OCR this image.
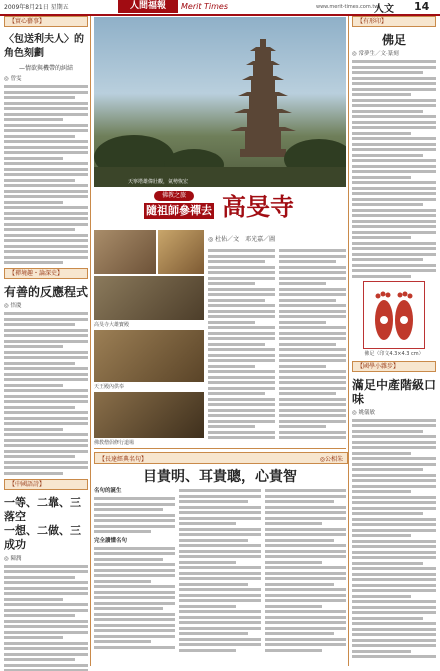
2009年8月21日 星期五	人間福報	Merit Times	www.merit-times.com.tw
人文 14
【實心藝事】
〈包送利夫人〉的角色刻劃
—情欲與機帶的糾結
◎ 曾雯
【禪境趣・論深史】
有善的反應程式
◎ 悟慶
【中國語詩】
一等、二靠、三落空
一想、二做、三成功
◎ 陳潤
天寧塔雄偉壯觀，氣勢恢宏
佛教之旅
隨祖師參禪去 高旻寺
高旻寺大雄寶殿
天王殿內供奉
佛教僧侶修行道場
◎ 杜佑／文　邓光嘉／圖
【長達經典名句】	◎公相朱
目貴明、耳貴聰，心貴智
名句的誕生
完全讀懂名句
【有形印】
佛足
◎ 常夢生／文‧篆刻
佛足（印文4.3×4.3 cm）
【國學小雜步】
滿足中產階級口味
◎ 姚儀敏
